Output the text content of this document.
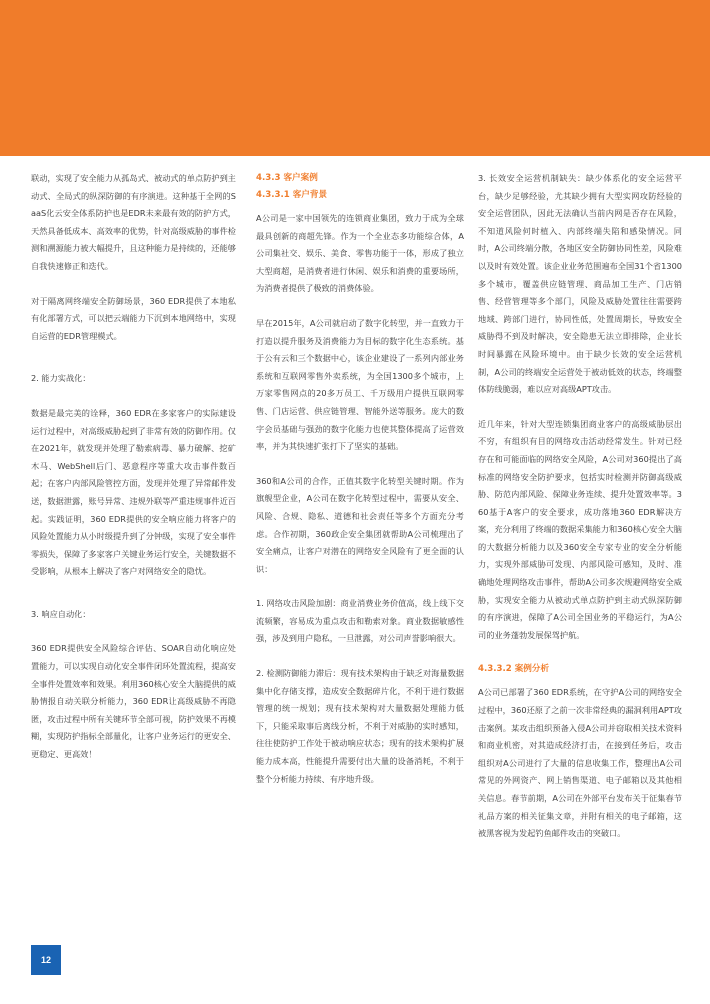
联动，实现了安全能力从孤岛式、被动式的单点防护到主动式、全局式的纵深防御的有序演进。这种基于全网的SaaS化云安全体系防护也是EDR未来最有效的防护方式，天然具备低成本、高效率的优势，针对高级威胁的事件检测和溯源能力被大幅提升，且这种能力是持续的，还能够自我快速修正和迭代。

对于隔离网终端安全防御场景，360 EDR提供了本地私有化部署方式，可以把云端能力下沉到本地网络中，实现自运营的EDR管理模式。

2. 能力实战化：

数据是最完美的诠释，360 EDR在多家客户的实际建设运行过程中，对高级威胁起到了非常有效的防御作用。仅在2021年，就发现并处理了勒索病毒、暴力破解、挖矿木马、WebShell后门、恶意程序等重大攻击事件数百起；在客户内部风险管控方面，发现并处理了异常邮件发送，数据泄露，账号异常、违规外联等严重违规事件近百起。实践证明，360 EDR提供的安全响应能力将客户的风险处置能力从小时级提升到了分钟级，实现了安全事件零损失，保障了多家客户关键业务运行安全，关键数据不受影响，从根本上解决了客户对网络安全的隐忧。

3. 响应自动化：

360 EDR提供安全风险综合评估、SOAR自动化响应处置能力，可以实现自动化安全事件闭环处置流程，提高安全事件处置效率和效果。利用360核心安全大脑提供的威胁情报自动关联分析能力，360 EDR让高级威胁不再隐匿，攻击过程中所有关键环节全部可视，防护效果不再模糊，实现防护指标全部量化，让客户业务运行的更安全、更稳定、更高效！

4.3.3 客户案例
4.3.3.1 客户背景

A公司是一家中国领先的连锁商业集团，致力于成为全球最具创新的商超先锋。作为一个全业态多功能综合体，A公司集社交、娱乐、美食、零售功能于一体，形成了独立大型商超，是消费者进行休闲、娱乐和消费的重要场所，为消费者提供了极致的消费体验。

早在2015年，A公司就启动了数字化转型，并一直致力于打造以提升服务及消费能力为目标的数字化生态系统。基于公有云和三个数据中心，该企业建设了一系列内部业务系统和互联网零售外卖系统，为全国1300多个城市，上万家零售网点的20多万员工、千万级用户提供互联网零售、门店运营、供应链管理、智能外送等服务。庞大的数字会员基础与强劲的数字化能力也使其整体提高了运营效率，并为其快速扩张打下了坚实的基础。

360和A公司的合作，正值其数字化转型关键时期。作为旗舰型企业，A公司在数字化转型过程中，需要从安全、风险、合规、隐私、道德和社会责任等多个方面充分考虑。合作初期，360政企安全集团就帮助A公司梳理出了安全痛点，让客户对潜在的网络安全风险有了更全面的认识：

1. 网络攻击风险加剧：商业消费业务价值高，线上线下交流频繁，容易成为重点攻击和勒索对象。商业数据敏感性强，涉及到用户隐私，一旦泄露，对公司声誉影响很大。

2. 检测防御能力滞后：现有技术架构由于缺乏对海量数据集中化存储支撑，造成安全数据碎片化，不利于进行数据管理的统一规划；现有技术架构对大量数据处理能力低下，只能采取事后离线分析，不利于对威胁的实时感知，往往使防护工作处于被动响应状态；现有的技术架构扩展能力成本高，性能提升需要付出大量的设备消耗，不利于整个分析能力持续、有序地升级。

3. 长效安全运营机制缺失：缺少体系化的安全运营平台，缺少足够经验，尤其缺少拥有大型实网攻防经验的安全运营团队，因此无法确认当前内网是否存在风险，不知道风险何时植入、内部终端失陷和感染情况。同时，A公司终端分散，各地区安全防御协同性差，风险难以及时有效处置。该企业业务范围遍布全国31个省1300多个城市，覆盖供应链管理、商品加工生产、门店销售、经营管理等多个部门，风险及威胁处置往往需要跨地域、跨部门进行，协同性低，处置周期长，导致安全威胁得不到及时解决，安全隐患无法立即排除，企业长时间暴露在风险环境中。由于缺少长效的安全运营机制，A公司的终端安全运营处于被动低效的状态，终端整体防线脆弱，难以应对高级APT攻击。

近几年来，针对大型连锁集团商业客户的高级威胁层出不穷，有组织有目的网络攻击活动经常发生。针对已经存在和可能面临的网络安全风险，A公司对360提出了高标准的网络安全防护要求，包括实时检测并防御高级威胁、防范内部风险、保障业务连续、提升处置效率等。360基于A客户的安全要求，成功落地360 EDR解决方案，充分利用了终端的数据采集能力和360核心安全大脑的大数据分析能力以及360安全专家专业的安全分析能力，实现外部威胁可发现、内部风险可感知，及时、准确地处理网络攻击事件，帮助A公司多次规避网络安全威胁，实现安全能力从被动式单点防护到主动式纵深防御的有序演进，保障了A公司全国业务的平稳运行，为A公司的业务蓬勃发展保驾护航。

4.3.3.2 案例分析

A公司已部署了360 EDR系统，在守护A公司的网络安全过程中，360还原了之前一次非常经典的漏洞利用APT攻击案例。某攻击组织预备入侵A公司并窃取相关技术资料和商业机密，对其造成经济打击，在接到任务后，攻击组织对A公司进行了大量的信息收集工作，整理出A公司常见的外网资产、网上销售渠道、电子邮箱以及其他相关信息。春节前期，A公司在外部平台发布关于征集春节礼品方案的相关征集文章，并附有相关的电子邮箱，这被黑客视为发起钓鱼邮件攻击的突破口。

12
